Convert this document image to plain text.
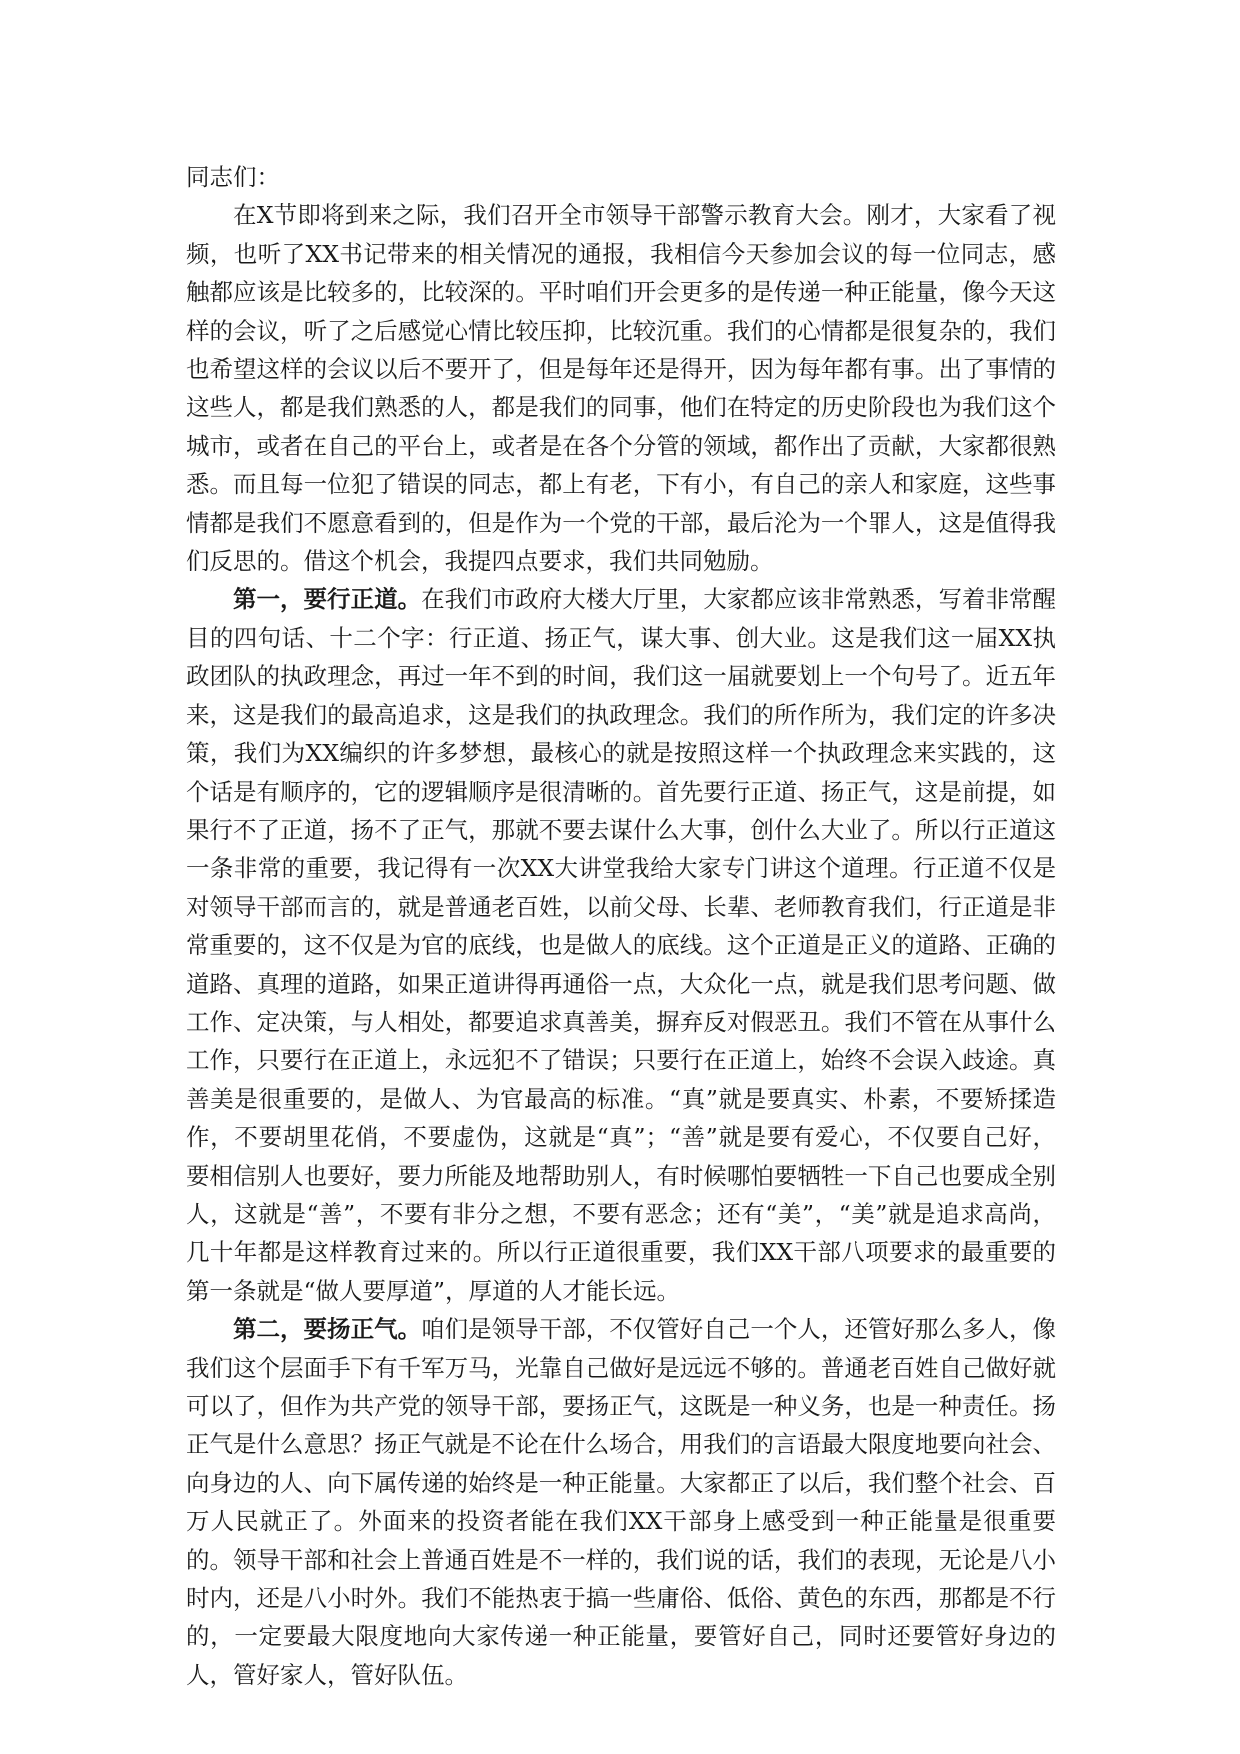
同志们：

在X节即将到来之际，我们召开全市领导干部警示教育大会。刚才，大家看了视频，也听了XX书记带来的相关情况的通报，我相信今天参加会议的每一位同志，感触都应该是比较多的，比较深的。平时咱们开会更多的是传递一种正能量，像今天这样的会议，听了之后感觉心情比较压抑，比较沉重。我们的心情都是很复杂的，我们也希望这样的会议以后不要开了，但是每年还是得开，因为每年都有事。出了事情的这些人，都是我们熟悉的人，都是我们的同事，他们在特定的历史阶段也为我们这个城市，或者在自己的平台上，或者是在各个分管的领域，都作出了贡献，大家都很熟悉。而且每一位犯了错误的同志，都上有老，下有小，有自己的亲人和家庭，这些事情都是我们不愿意看到的，但是作为一个党的干部，最后沦为一个罪人，这是值得我们反思的。借这个机会，我提四点要求，我们共同勉励。

第一，要行正道。在我们市政府大楼大厅里，大家都应该非常熟悉，写着非常醒目的四句话、十二个字：行正道、扬正气，谋大事、创大业。这是我们这一届XX执政团队的执政理念，再过一年不到的时间，我们这一届就要划上一个句号了。近五年来，这是我们的最高追求，这是我们的执政理念。我们的所作所为，我们定的许多决策，我们为XX编织的许多梦想，最核心的就是按照这样一个执政理念来实践的，这个话是有顺序的，它的逻辑顺序是很清晰的。首先要行正道、扬正气，这是前提，如果行不了正道，扬不了正气，那就不要去谋什么大事，创什么大业了。所以行正道这一条非常的重要，我记得有一次XX大讲堂我给大家专门讲这个道理。行正道不仅是对领导干部而言的，就是普通老百姓，以前父母、长辈、老师教育我们，行正道是非常重要的，这不仅是为官的底线，也是做人的底线。这个正道是正义的道路、正确的道路、真理的道路，如果正道讲得再通俗一点，大众化一点，就是我们思考问题、做工作、定决策，与人相处，都要追求真善美，摒弃反对假恶丑。我们不管在从事什么工作，只要行在正道上，永远犯不了错误；只要行在正道上，始终不会误入歧途。真善美是很重要的，是做人、为官最高的标准。“真”就是要真实、朴素，不要矫揉造作，不要胡里花俏，不要虚伪，这就是“真”；“善”就是要有爱心，不仅要自己好，要相信别人也要好，要力所能及地帮助别人，有时候哪怕要牺牲一下自己也要成全别人，这就是“善”，不要有非分之想，不要有恶念；还有“美”，“美”就是追求高尚，几十年都是这样教育过来的。所以行正道很重要，我们XX干部八项要求的最重要的第一条就是“做人要厚道”，厚道的人才能长远。

第二，要扬正气。咱们是领导干部，不仅管好自己一个人，还管好那么多人，像我们这个层面手下有千军万马，光靠自己做好是远远不够的。普通老百姓自己做好就可以了，但作为共产党的领导干部，要扬正气，这既是一种义务，也是一种责任。扬正气是什么意思？扬正气就是不论在什么场合，用我们的言语最大限度地要向社会、向身边的人、向下属传递的始终是一种正能量。大家都正了以后，我们整个社会、百万人民就正了。外面来的投资者能在我们XX干部身上感受到一种正能量是很重要的。领导干部和社会上普通百姓是不一样的，我们说的话，我们的表现，无论是八小时内，还是八小时外。我们不能热衷于搞一些庸俗、低俗、黄色的东西，那都是不行的，一定要最大限度地向大家传递一种正能量，要管好自己，同时还要管好身边的人，管好家人，管好队伍。
